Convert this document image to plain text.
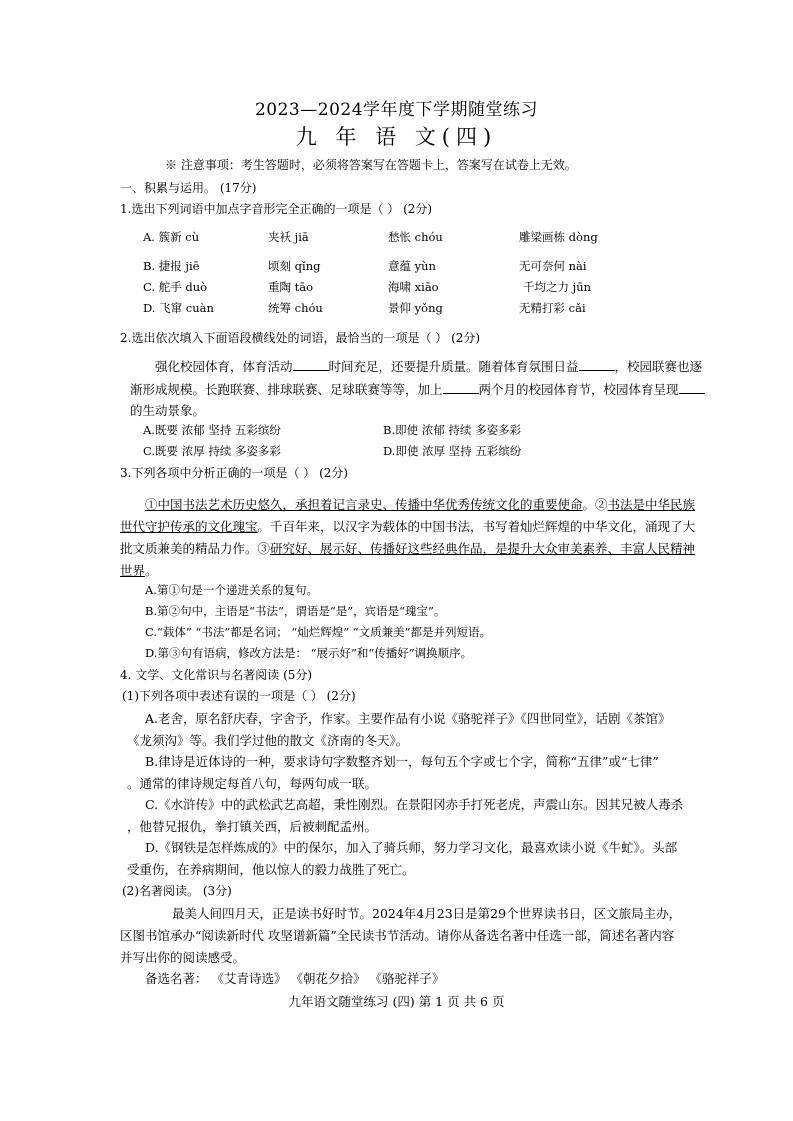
2023—2024学年度下学期随堂练习
九 年 语 文(四)
※ 注意事项：考生答题时，必须将答案写在答题卡上，答案写在试卷上无效。
一、积累与运用。 (17分)
1.选出下列词语中加点字音形完全正确的一项是（ ） (2分)
A. 簇新 cù	夹袄 jiā	愁怅 chóu	雕梁画栋 dòng
B. 捷报 jiē	顷刻 qǐng	意蕴 yùn	无可奈何 nài
C. 舵手 duò	重陶 tāo	海啸 xiāo	千均之力 jūn
D. 飞窜 cuàn	统筹 chóu	景仰 yǒng	无精打彩 cǎi
2.选出依次填入下面语段横线处的词语，最恰当的一项是（ ） (2分)
强化校园体育，体育活动	时间充足，还要提升质量。随着体育氛围日益	，校园联赛也逐
渐形成规模。长跑联赛、排球联赛、足球联赛等等，加上	两个月的校园体育节，校园体育呈现
的生动景象。
A.既要 浓郁 坚持 五彩缤纷	B.即使 浓郁 持续 多姿多彩
C.既要 浓厚 持续 多姿多彩	D.即使 浓厚 坚持 五彩缤纷
3.下列各项中分析正确的一项是（ ） (2分)
①中国书法艺术历史悠久，承担着记言录史、传播中华优秀传统文化的重要使命。②书法是中华民族
世代守护传承的文化瑰宝。千百年来，以汉字为载体的中国书法，书写着灿烂辉煌的中华文化，涌现了大
批文质兼美的精品力作。③研究好、展示好、传播好这些经典作品，是提升大众审美素养、丰富人民精神
世界。
A.第①句是一个递进关系的复句。
B.第②句中，主语是“书法”，谓语是“是”，宾语是“瑰宝”。
C.“载体” “书法”都是名词； “灿烂辉煌” “文质兼美”都是并列短语。
D.第③句有语病，修改方法是： “展示好”和“传播好”调换顺序。
4. 文学、文化常识与名著阅读 (5分)
(1)下列各项中表述有误的一项是（ ） (2分)
A.老舍，原名舒庆春，字舍予，作家。主要作品有小说《骆驼祥子》《四世同堂》，话剧《茶馆》
《龙须沟》等。我们学过他的散文《济南的冬天》。
B.律诗是近体诗的一种，要求诗句字数整齐划一，每句五个字或七个字，简称“五律”或“七律”
。通常的律诗规定每首八句，每两句成一联。
C.《水浒传》中的武松武艺高超，秉性刚烈。在景阳冈赤手打死老虎，声震山东。因其兄被人毒杀
，他替兄报仇，拳打镇关西，后被刺配孟州。
D.《钢铁是怎样炼成的》中的保尔，加入了骑兵师，努力学习文化，最喜欢读小说《牛虻》。头部
受重伤，在养病期间，他以惊人的毅力战胜了死亡。
(2)名著阅读。 (3分)
最美人间四月天，正是读书好时节。2024年4月23日是第29个世界读书日，区文旅局主办，
区图书馆承办“阅读新时代 攻坚谱新篇”全民读书节活动。请你从备选名著中任选一部，简述名著内容
并写出你的阅读感受。
备选名著： 《艾青诗选》 《朝花夕拾》 《骆驼祥子》
九年语文随堂练习 (四) 第 1 页 共 6 页
